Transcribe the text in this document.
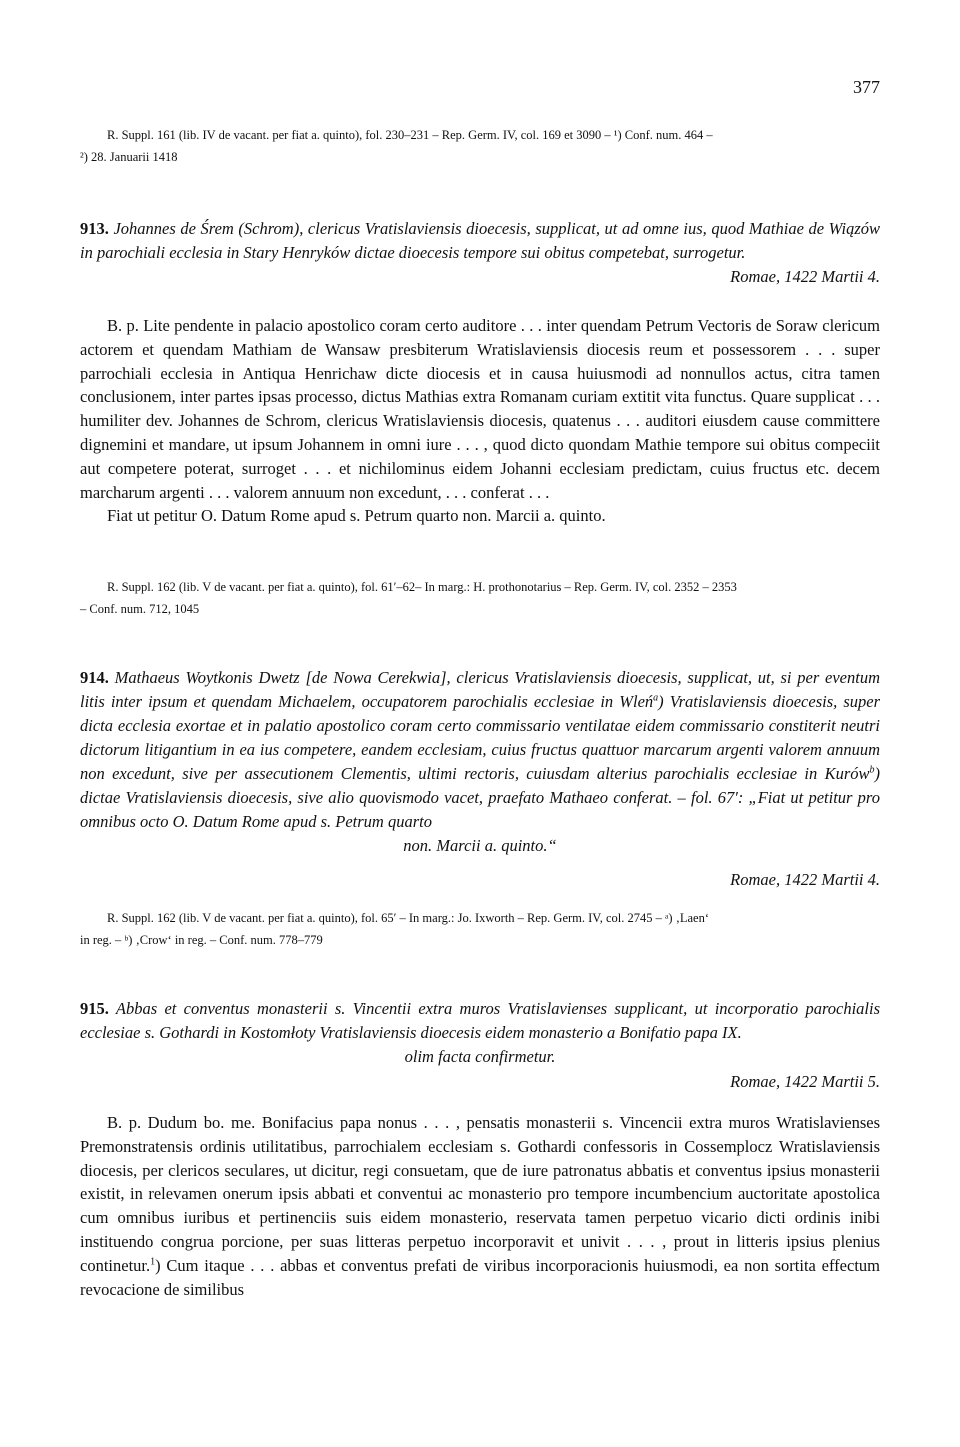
377

R. Suppl. 161 (lib. IV de vacant. per fiat a. quinto), fol. 230–231 – Rep. Germ. IV, col. 169 et 3090 – ¹) Conf. num. 464 –

²) 28. Januarii 1418

913. Johannes de Śrem (Schrom), clericus Vratislaviensis dioecesis, supplicat, ut ad omne ius, quod Mathiae de Wiązów in parochiali ecclesia in Stary Henryków dictae dioecesis tempore sui obitus competebat, surrogetur.

Romae, 1422 Martii 4.

B. p. Lite pendente in palacio apostolico coram certo auditore . . . inter quendam Petrum Vectoris de Soraw clericum actorem et quendam Mathiam de Wansaw presbiterum Wratislaviensis diocesis reum et possessorem . . . super parrochiali ecclesia in Antiqua Henrichaw dicte diocesis et in causa huiusmodi ad nonnullos actus, citra tamen conclusionem, inter partes ipsas processo, dictus Mathias extra Romanam curiam extitit vita functus. Quare supplicat . . . humiliter dev. Johannes de Schrom, clericus Wratislaviensis diocesis, quatenus . . . auditori eiusdem cause committere dignemini et mandare, ut ipsum Johannem in omni iure . . . , quod dicto quondam Mathie tempore sui obitus compeciit aut competere poterat, surroget . . . et nichilominus eidem Johanni ecclesiam predictam, cuius fructus etc. decem marcharum argenti . . . valorem annuum non excedunt, . . . conferat . . .

Fiat ut petitur O. Datum Rome apud s. Petrum quarto non. Marcii a. quinto.

R. Suppl. 162 (lib. V de vacant. per fiat a. quinto), fol. 61′–62– In marg.: H. prothonotarius – Rep. Germ. IV, col. 2352 – 2353

– Conf. num. 712, 1045

914. Mathaeus Woytkonis Dwetz [de Nowa Cerekwia], clericus Vratislaviensis dioecesis, supplicat, ut, si per eventum litis inter ipsum et quendam Michaelem, occupatorem parochialis ecclesiae in Wleń$^a$) Vratislaviensis dioecesis, super dicta ecclesia exortae et in palatio apostolico coram certo commissario ventilatae eidem commissario constiterit neutri dictorum litigantium in ea ius competere, eandem ecclesiam, cuius fructus quattuor marcarum argenti valorem annuum non excedunt, sive per assecutionem Clementis, ultimi rectoris, cuiusdam alterius parochialis ecclesiae in Kurów$^b$) dictae Vratislaviensis dioecesis, sive alio quovismodo vacet, praefato Mathaeo conferat. – fol. 67′: „Fiat ut petitur pro omnibus octo O. Datum Rome apud s. Petrum quarto

non. Marcii a. quinto.“

Romae, 1422 Martii 4.

R. Suppl. 162 (lib. V de vacant. per fiat a. quinto), fol. 65′ – In marg.: Jo. Ixworth – Rep. Germ. IV, col. 2745 – ᵃ) ‚Laen‘

in reg. – ᵇ) ‚Crow‘ in reg. – Conf. num. 778–779

915. Abbas et conventus monasterii s. Vincentii extra muros Vratislavienses supplicant, ut incorporatio parochialis ecclesiae s. Gothardi in Kostomłoty Vratislaviensis dioecesis eidem monasterio a Bonifatio papa IX.

olim facta confirmetur.

Romae, 1422 Martii 5.

B. p. Dudum bo. me. Bonifacius papa nonus . . . , pensatis monasterii s. Vincencii extra muros Wratislavienses Premonstratensis ordinis utilitatibus, parrochialem ecclesiam s. Gothardi confessoris in Cossemplocz Wratislaviensis diocesis, per clericos seculares, ut dicitur, regi consuetam, que de iure patronatus abbatis et conventus ipsius monasterii existit, in relevamen onerum ipsis abbati et conventui ac monasterio pro tempore incumbencium auctoritate apostolica cum omnibus iuribus et pertinenciis suis eidem monasterio, reservata tamen perpetuo vicario dicti ordinis inibi instituendo congrua porcione, per suas litteras perpetuo incorporavit et univit . . . , prout in litteris ipsius plenius continetur.$^1$) Cum itaque . . . abbas et conventus prefati de viribus incorporacionis huiusmodi, ea non sortita effectum revocacione de similibus
